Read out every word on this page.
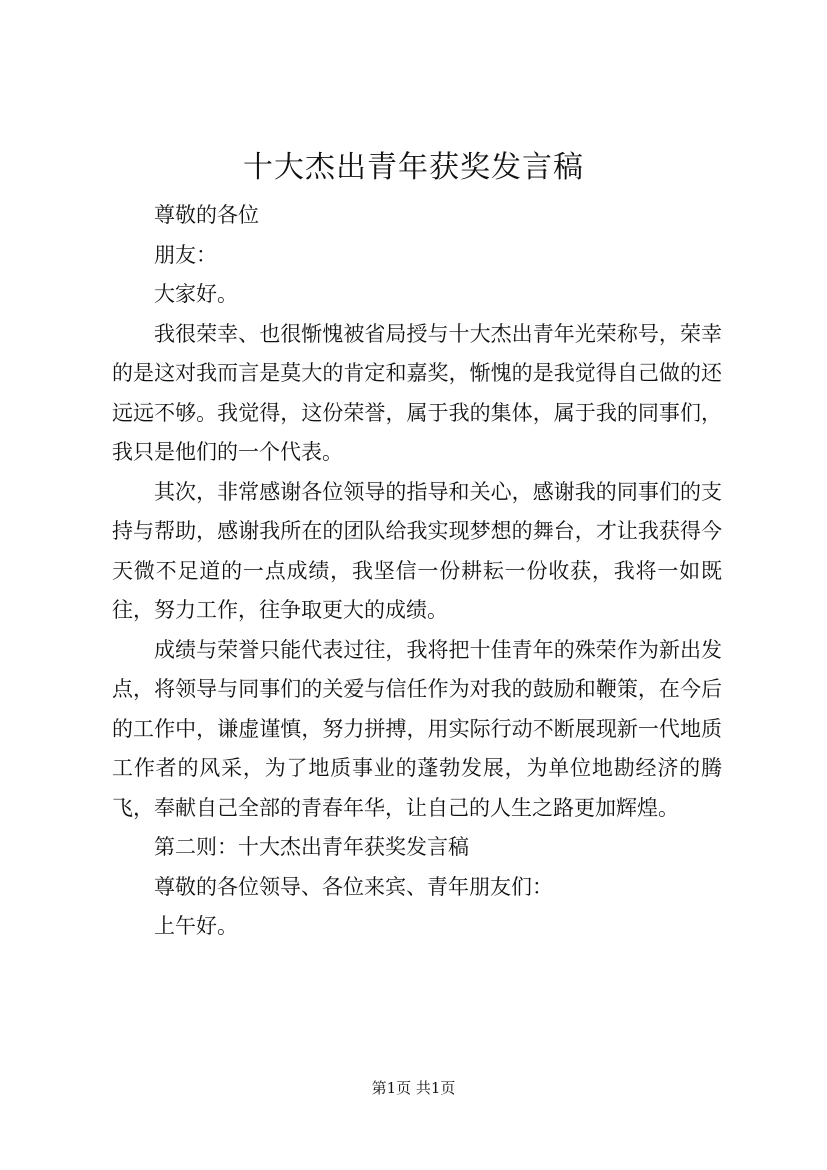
十大杰出青年获奖发言稿

尊敬的各位

朋友：

大家好。

我很荣幸、也很惭愧被省局授与十大杰出青年光荣称号，荣幸的是这对我而言是莫大的肯定和嘉奖，惭愧的是我觉得自己做的还远远不够。我觉得，这份荣誉，属于我的集体，属于我的同事们，我只是他们的一个代表。

其次，非常感谢各位领导的指导和关心，感谢我的同事们的支持与帮助，感谢我所在的团队给我实现梦想的舞台，才让我获得今天微不足道的一点成绩，我坚信一份耕耘一份收获，我将一如既往，努力工作，往争取更大的成绩。

成绩与荣誉只能代表过往，我将把十佳青年的殊荣作为新出发点，将领导与同事们的关爱与信任作为对我的鼓励和鞭策，在今后的工作中，谦虚谨慎，努力拼搏，用实际行动不断展现新一代地质工作者的风采，为了地质事业的蓬勃发展，为单位地勘经济的腾飞，奉献自己全部的青春年华，让自己的人生之路更加辉煌。

第二则：十大杰出青年获奖发言稿

尊敬的各位领导、各位来宾、青年朋友们：

上午好。

第1页 共1页
